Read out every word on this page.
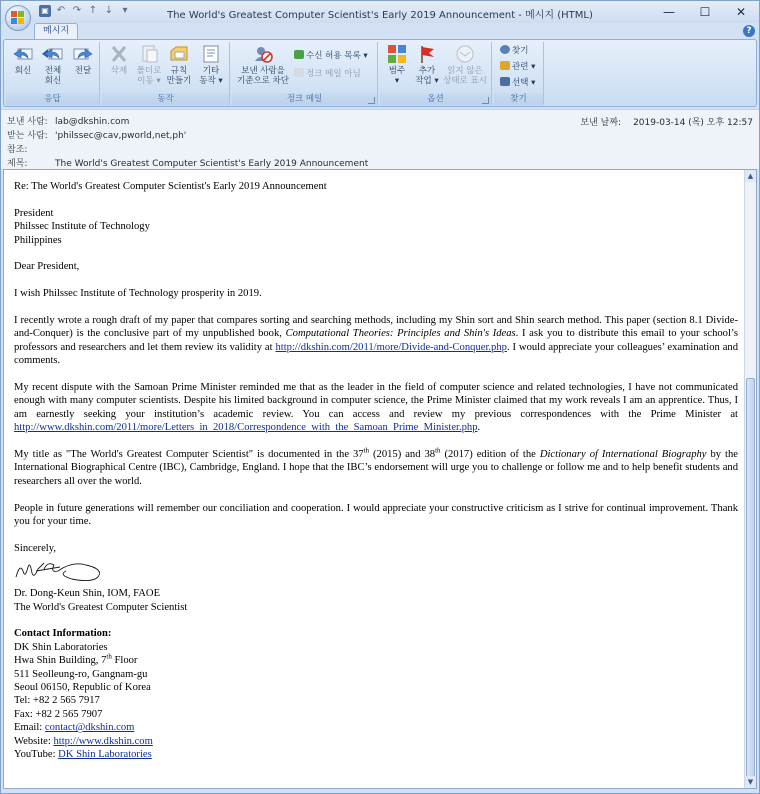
▣ ↶ ↷ ↑ ↓ ▾	The World's Greatest Computer Scientist's Early 2019 Announcement - 메시지 (HTML)	—	☐	✕
메시지	?
회신	전체
회신
전달
응답
삭제	폴더로
이동 ▾
규칙
만들기
기타
동작 ▾
동작
보낸 사람을
기준으로 차단
수신 허용 목록 ▾
정크 메일 아님
정크 메일
범주
▾
추가
작업 ▾
읽지 않은
상태로 표시
옵션
찾기
관련 ▾
선택 ▾
찾기
보낸 사람: lab@dkshin.com
받는 사람: 'philssec@cav,pworld,net,ph'
참조:
제목:	The World's Greatest Computer Scientist's Early 2019 Announcement
보낸 날짜: 2019-03-14 (목) 오후 12:57

Re: The World's Greatest Computer Scientist's Early 2019 Announcement

President
Philssec Institute of Technology
Philippines

Dear President,

I wish Philssec Institute of Technology prosperity in 2019.

I recently wrote a rough draft of my paper that compares sorting and searching methods, including my Shin sort and Shin search method. This paper (section 8.1 Divide-and-Conquer) is the conclusive part of my unpublished book, Computational Theories: Principles and Shin's Ideas. I ask you to distribute this email to your school’s professors and researchers and let them review its validity at http://dkshin.com/2011/more/Divide-and-Conquer.php. I would appreciate your colleagues’ examination and comments.

My recent dispute with the Samoan Prime Minister reminded me that as the leader in the field of computer science and related technologies, I have not communicated enough with many computer scientists. Despite his limited background in computer science, the Prime Minister claimed that my work reveals I am an apprentice. Thus, I am earnestly seeking your institution’s academic review. You can access and review my previous correspondences with the Prime Minister at http://www.dkshin.com/2011/more/Letters_in_2018/Correspondence_with_the_Samoan_Prime_Minister.php.

My title as "The World's Greatest Computer Scientist" is documented in the 37th (2015) and 38th (2017) edition of the Dictionary of International Biography by the International Biographical Centre (IBC), Cambridge, England. I hope that the IBC’s endorsement will urge you to challenge or follow me and to help benefit students and researchers all over the world.

People in future generations will remember our conciliation and cooperation. I would appreciate your constructive criticism as I strive for continual improvement. Thank you for your time.

Sincerely,
Dr. Dong-Keun Shin, IOM, FAOE

The World's Greatest Computer Scientist

Contact Information:
DK Shin Laboratories
Hwa Shin Building, 7th Floor
511 Seolleung-ro, Gangnam-gu
Seoul 06150, Republic of Korea
Tel: +82 2 565 7917
Fax: +82 2 565 7907
Email: contact@dkshin.com
Website: http://www.dkshin.com
YouTube: DK Shin Laboratories
▲
▼
